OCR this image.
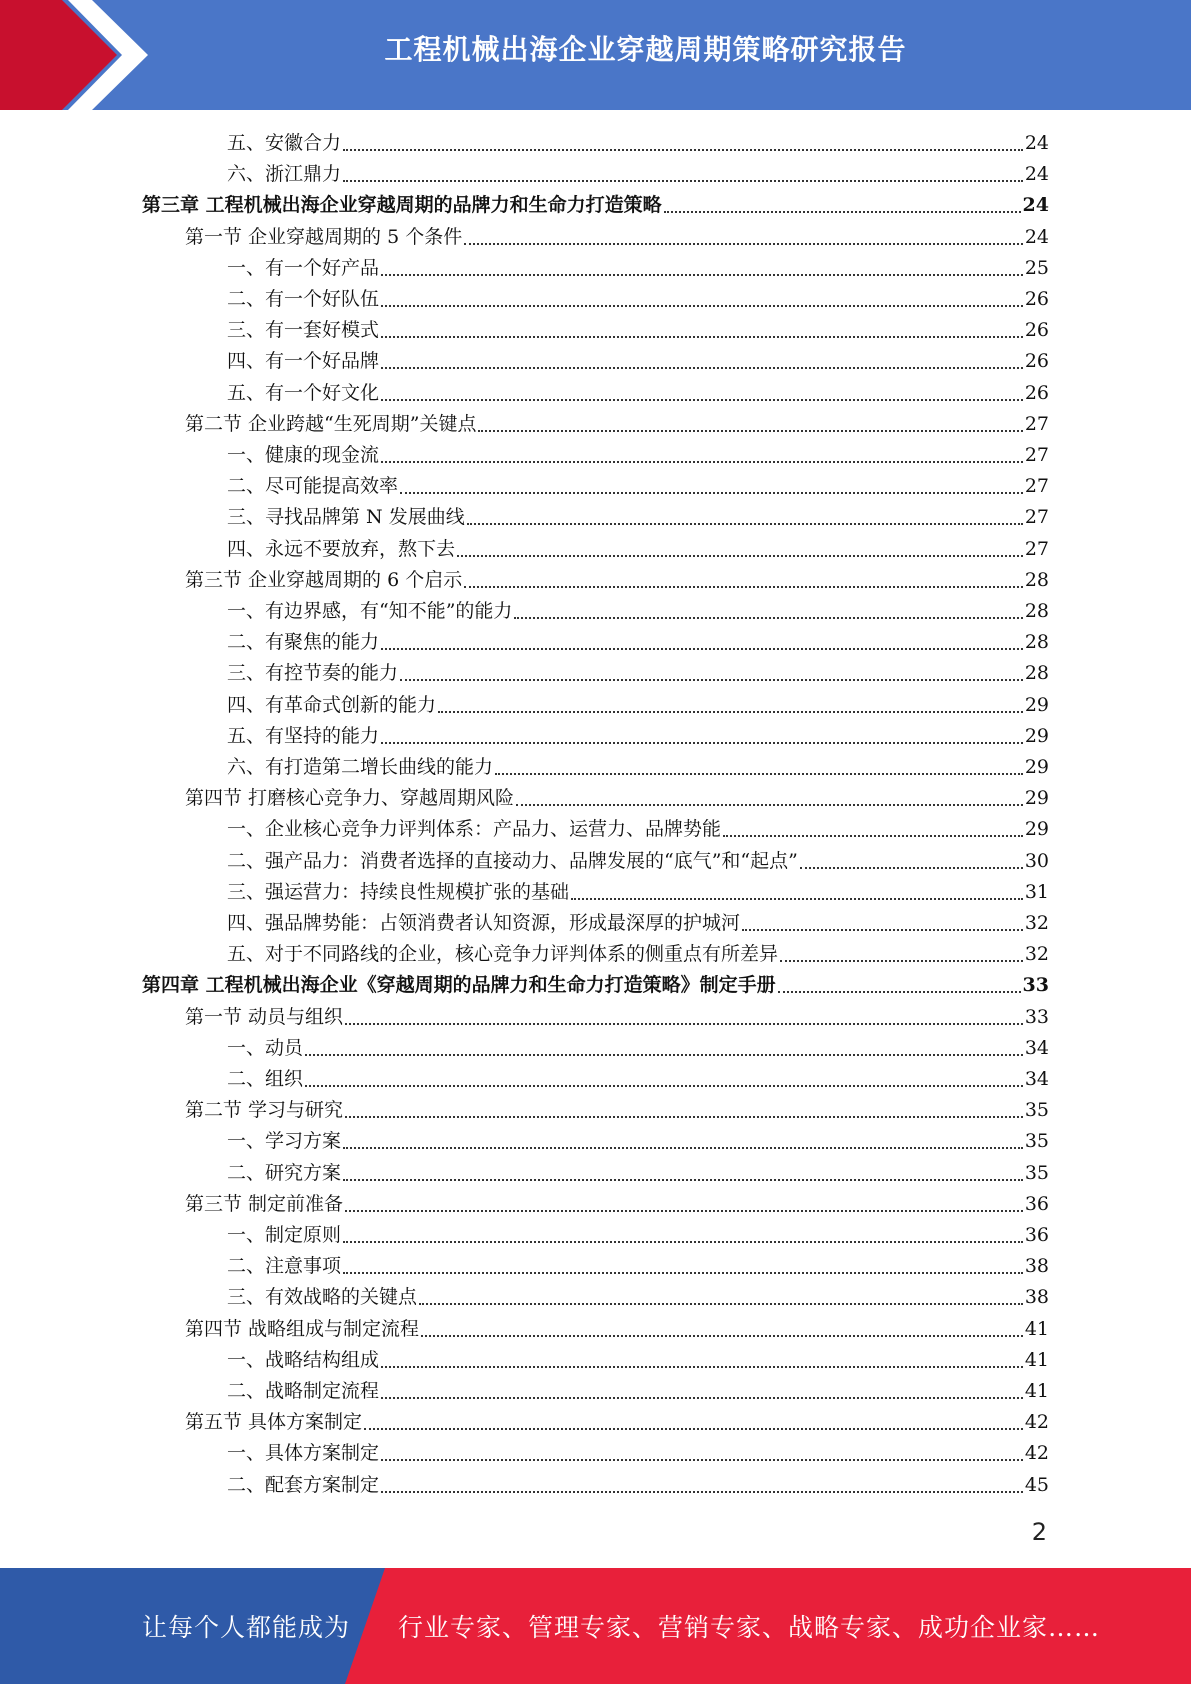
工程机械出海企业穿越周期策略研究报告
五、安徽合力	24
六、浙江鼎力	24
第三章 工程机械出海企业穿越周期的品牌力和生命力打造策略	24
第一节 企业穿越周期的 5 个条件	24
一、有一个好产品	25
二、有一个好队伍	26
三、有一套好模式	26
四、有一个好品牌	26
五、有一个好文化	26
第二节 企业跨越“生死周期”关键点	27
一、健康的现金流	27
二、尽可能提高效率	27
三、寻找品牌第 N 发展曲线	27
四、永远不要放弃，熬下去	27
第三节 企业穿越周期的 6 个启示	28
一、有边界感，有“知不能”的能力	28
二、有聚焦的能力	28
三、有控节奏的能力	28
四、有革命式创新的能力	29
五、有坚持的能力	29
六、有打造第二增长曲线的能力	29
第四节 打磨核心竞争力、穿越周期风险	29
一、企业核心竞争力评判体系：产品力、运营力、品牌势能	29
二、强产品力：消费者选择的直接动力、品牌发展的“底气”和“起点”	30
三、强运营力：持续良性规模扩张的基础	31
四、强品牌势能：占领消费者认知资源，形成最深厚的护城河	32
五、对于不同路线的企业，核心竞争力评判体系的侧重点有所差异	32
第四章 工程机械出海企业《穿越周期的品牌力和生命力打造策略》制定手册	33
第一节 动员与组织	33
一、动员	34
二、组织	34
第二节 学习与研究	35
一、学习方案	35
二、研究方案	35
第三节 制定前准备	36
一、制定原则	36
二、注意事项	38
三、有效战略的关键点	38
第四节 战略组成与制定流程	41
一、战略结构组成	41
二、战略制定流程	41
第五节 具体方案制定	42
一、具体方案制定	42
二、配套方案制定	45
2
让每个人都能成为 行业专家、管理专家、营销专家、战略专家、成功企业家……
